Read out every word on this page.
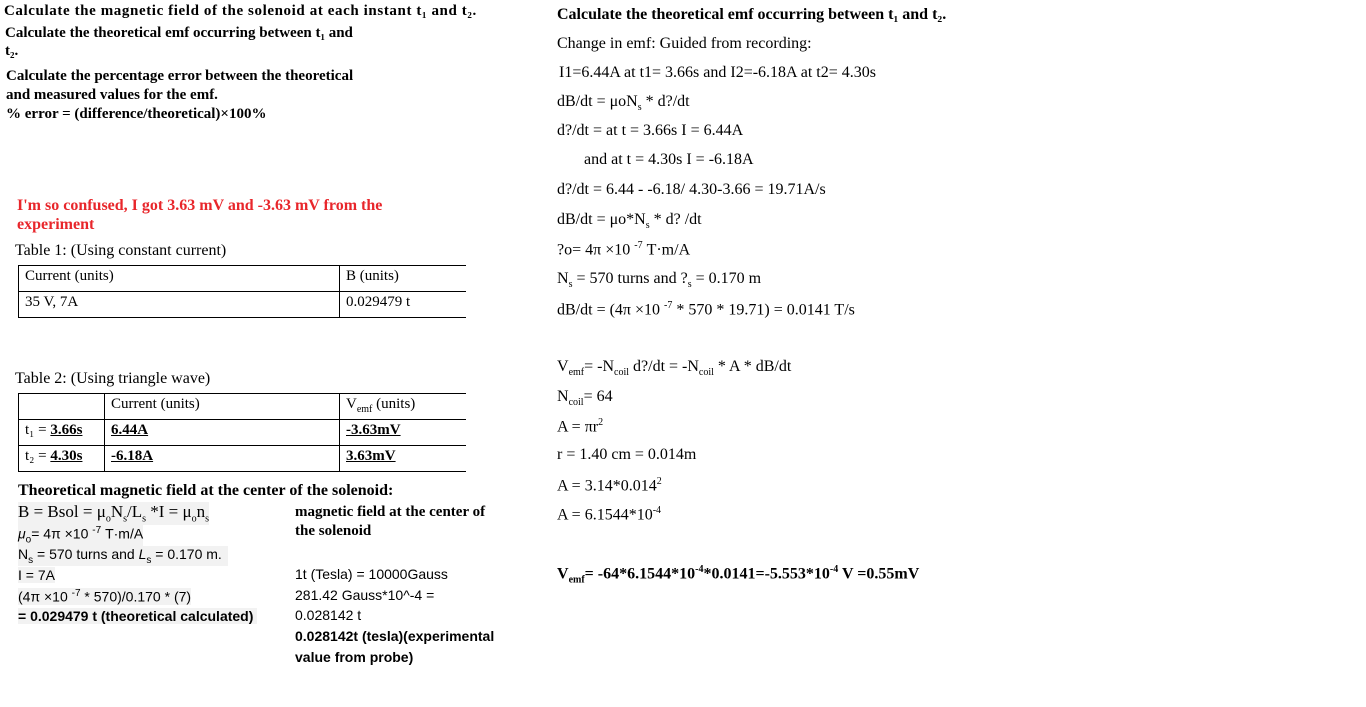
Calculate the magnetic field of the solenoid at each instant t₁ and t₂.
Calculate the theoretical emf occurring between t₁ and
t₂.
Calculate the percentage error between the theoretical
and measured values for the emf.
% error = (difference/theoretical)×100%
I'm so confused, I got 3.63 mV and -3.63 mV from the
experiment
Table 1: (Using constant current)
Current (units)	B (units)
35 V, 7A	0.029479 t
Table 2: (Using triangle wave)
	Current (units)	$V_{emf}$ (units)
t₁ = 3.66s	6.44A	-3.63mV
t₂ = 4.30s	-6.18A	3.63mV
Theoretical magnetic field at the center of the solenoid:
B = Bsol = $\mu_oN_s/L_s$ $*I = \mu_on_s$
$\mu_o= 4\pi \times 10$ $^{-7}$ T·m/A
$N_s = 570$ turns and $L_s = 0.170$ m.
I = 7A
(4π ×10 $^{-7}$ * 570)/0.170 * (7)
= 0.029479 t (theoretical calculated)
magnetic field at the center of
the solenoid
1t (Tesla) = 10000Gauss
281.42 Gauss*10^-4 =
0.028142 t
0.028142t (tesla)(experimental
value from probe)
Calculate the theoretical emf occurring between t₁ and t₂.
Change in emf: Guided from recording:
I1=6.44A at t1= 3.66s and I2=-6.18A at t2= 4.30s
dB/dt = μoN$_s$ * d?/dt
d?/dt = at t = 3.66s I = 6.44A
and at t = 4.30s I = -6.18A
d?/dt = 6.44 - -6.18/ 4.30-3.66 = 19.71A/s
$dB/dt = \mu o*N_s * d$? /dt
?o= 4π ×10 $^{-7}$ T·m/A
$N_s = 570$ turns and $?_s = 0.170$ m
dB/dt = (4π ×10 $^{-7}$ * 570 * 19.71) = 0.0141 T/s
$V_{emf}= -N_{coil}$ d?/dt = $-N_{coil}$ * A * dB/dt
$N_{coil}= 64$
$A = \pi r^2$
r = 1.40 cm = 0.014m
$A = 3.14*0.014^2$
$A = 6.1544*10^{-4}$
$V_{emf}= -64*6.1544*10^{-4}*0.0141=-5.553*10^{-4}$ V =0.55mV
